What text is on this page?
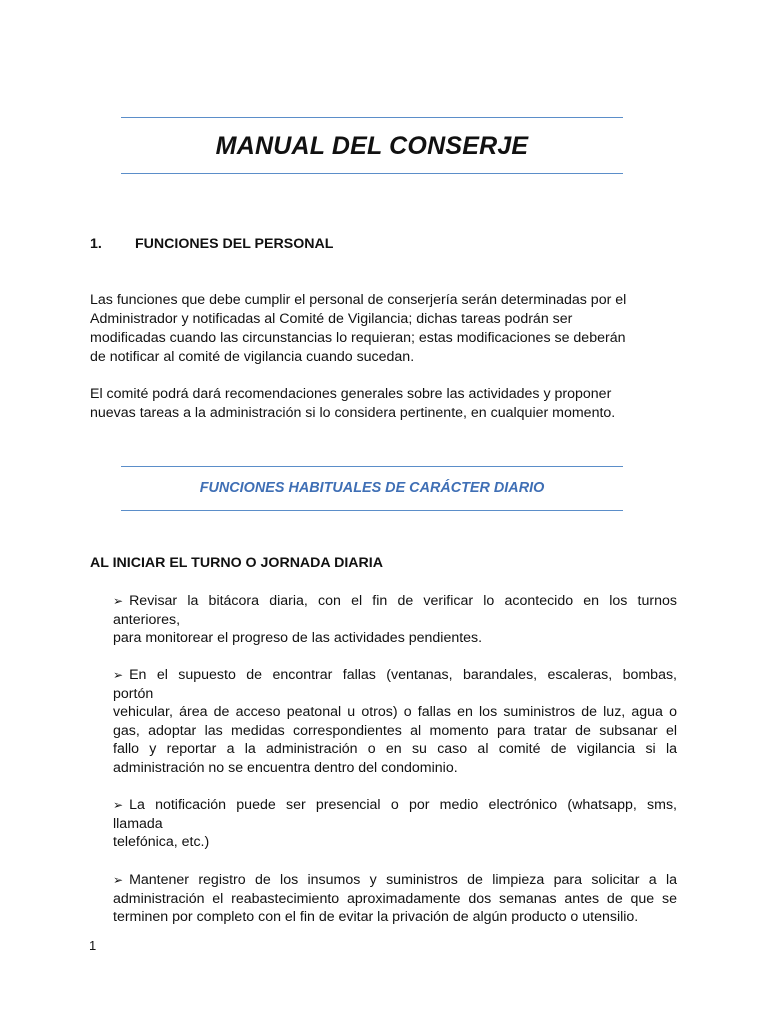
MANUAL DEL CONSERJE
1. FUNCIONES DEL PERSONAL
Las funciones que debe cumplir el personal de conserjería serán determinadas por el
Administrador y notificadas al Comité de Vigilancia; dichas tareas podrán ser
modificadas cuando las circunstancias lo requieran; estas modificaciones se deberán
de notificar al comité de vigilancia cuando sucedan.
El comité podrá dará recomendaciones generales sobre las actividades y proponer
nuevas tareas a la administración si lo considera pertinente, en cualquier momento.
FUNCIONES HABITUALES DE CARÁCTER DIARIO
AL INICIAR EL TURNO O JORNADA DIARIA
➢ Revisar la bitácora diaria, con el fin de verificar lo acontecido en los turnos
anteriores,
para monitorear el progreso de las actividades pendientes.
➢ En el supuesto de encontrar fallas (ventanas, barandales, escaleras, bombas,
portón
vehicular, área de acceso peatonal u otros) o fallas en los suministros de luz, agua o
gas, adoptar las medidas correspondientes al momento para tratar de subsanar el
fallo y reportar a la administración o en su caso al comité de vigilancia si la
administración no se encuentra dentro del condominio.
➢ La notificación puede ser presencial o por medio electrónico (whatsapp, sms,
llamada
telefónica, etc.)
➢ Mantener registro de los insumos y suministros de limpieza para solicitar a la
administración el reabastecimiento aproximadamente dos semanas antes de que se
terminen por completo con el fin de evitar la privación de algún producto o utensilio.
1
